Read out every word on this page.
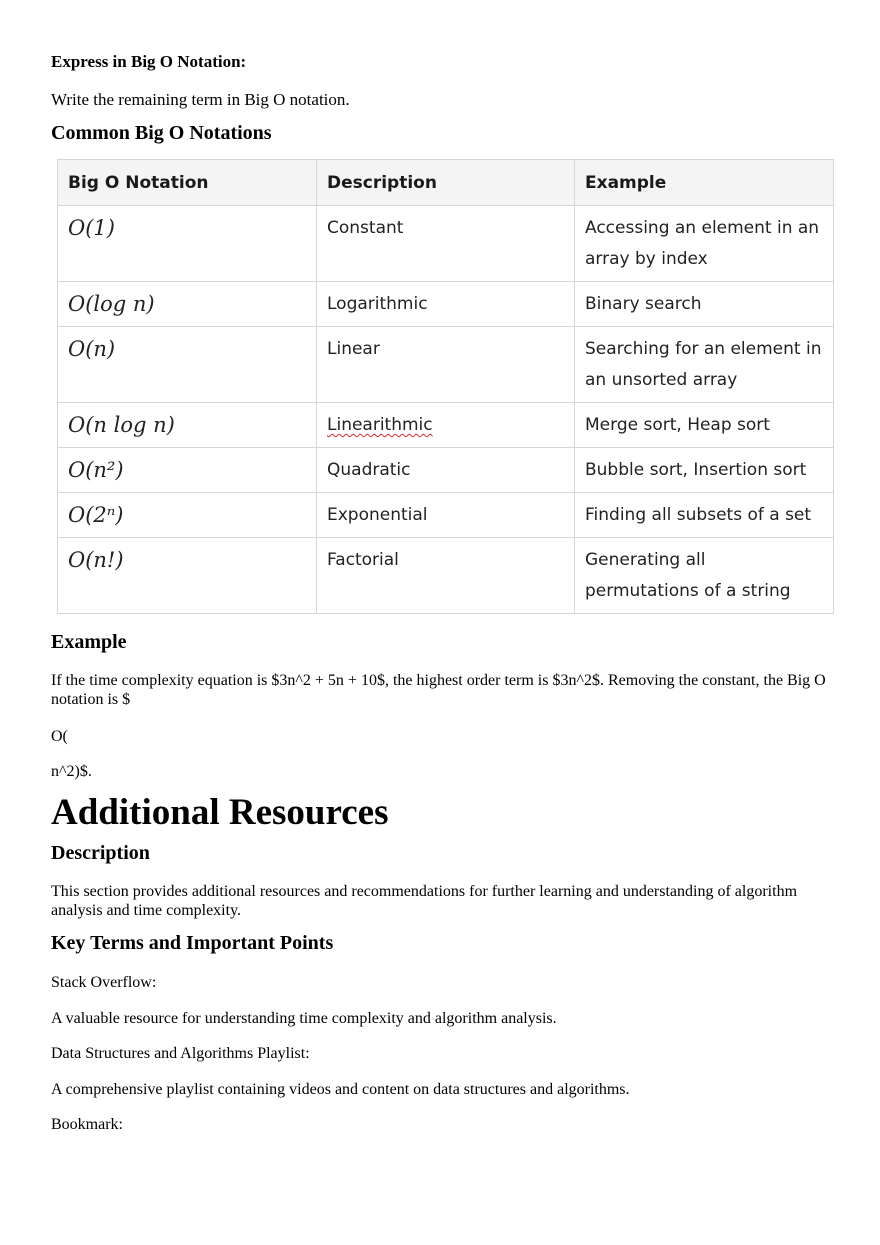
Express in Big O Notation:

Write the remaining term in Big O notation.

Common Big O Notations

Big O Notation	Description	Example
O(1)	Constant	Accessing an element in an array by index
O(log n)	Logarithmic	Binary search
O(n)	Linear	Searching for an element in an unsorted array
O(n log n)	Linearithmic	Merge sort, Heap sort
O(n²)	Quadratic	Bubble sort, Insertion sort
O(2ⁿ)	Exponential	Finding all subsets of a set
O(n!)	Factorial	Generating all permutations of a string

Example

If the time complexity equation is $3n^2 + 5n + 10$, the highest order term is $3n^2$. Removing the constant, the Big O notation is $

O(

n^2)$.

Additional Resources

Description

This section provides additional resources and recommendations for further learning and understanding of algorithm analysis and time complexity.

Key Terms and Important Points

Stack Overflow:

A valuable resource for understanding time complexity and algorithm analysis.

Data Structures and Algorithms Playlist:

A comprehensive playlist containing videos and content on data structures and algorithms.

Bookmark:
